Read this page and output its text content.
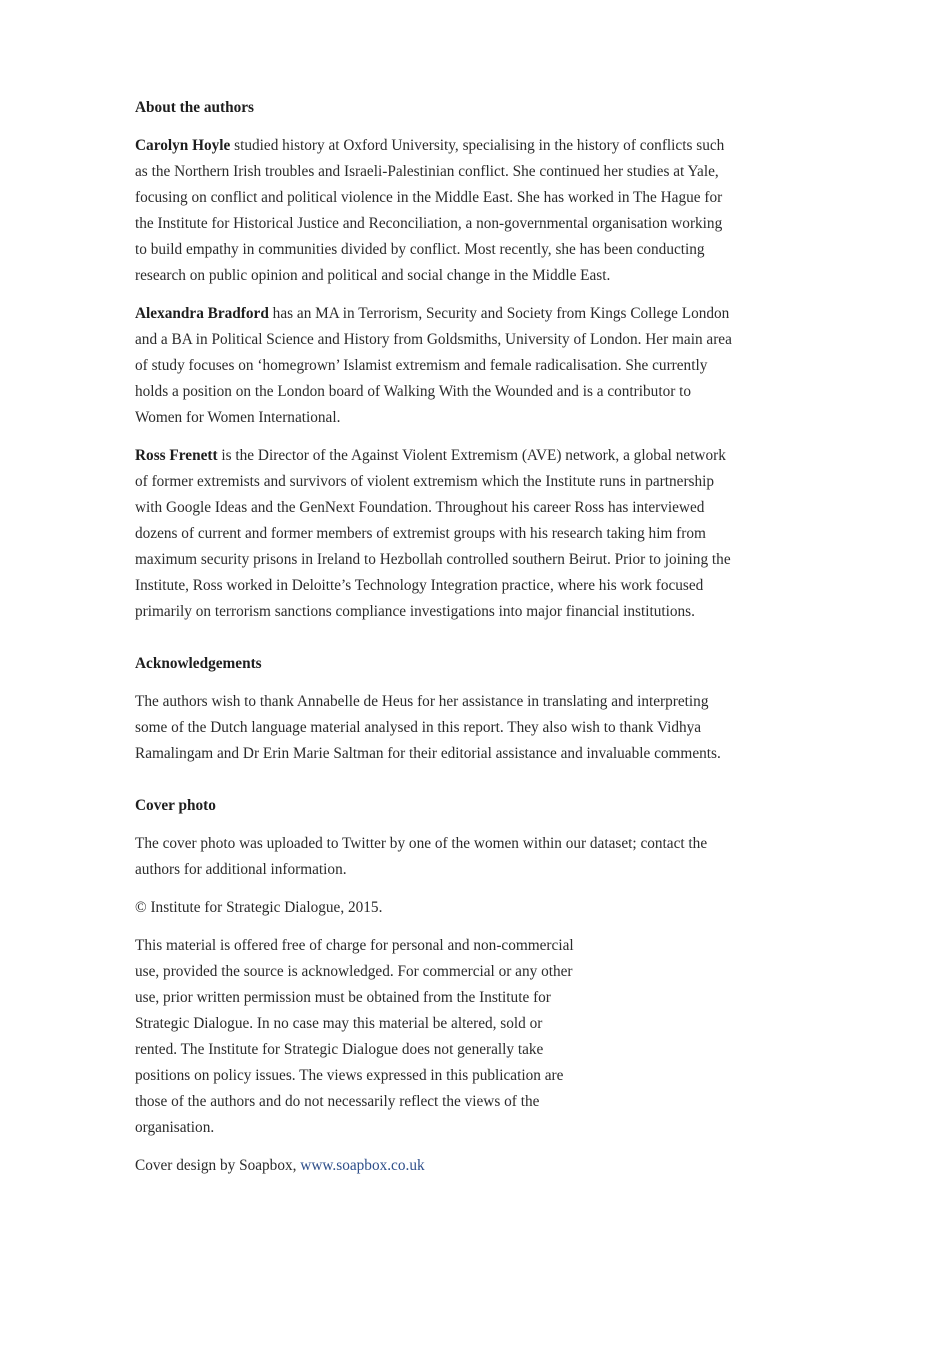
About the authors

Carolyn Hoyle studied history at Oxford University, specialising in the history of conflicts such as the Northern Irish troubles and Israeli-Palestinian conflict. She continued her studies at Yale, focusing on conflict and political violence in the Middle East. She has worked in The Hague for the Institute for Historical Justice and Reconciliation, a non-governmental organisation working to build empathy in communities divided by conflict. Most recently, she has been conducting research on public opinion and political and social change in the Middle East.

Alexandra Bradford has an MA in Terrorism, Security and Society from Kings College London and a BA in Political Science and History from Goldsmiths, University of London. Her main area of study focuses on ‘homegrown’ Islamist extremism and female radicalisation. She currently holds a position on the London board of Walking With the Wounded and is a contributor to Women for Women International.

Ross Frenett is the Director of the Against Violent Extremism (AVE) network, a global network of former extremists and survivors of violent extremism which the Institute runs in partnership with Google Ideas and the GenNext Foundation. Throughout his career Ross has interviewed dozens of current and former members of extremist groups with his research taking him from maximum security prisons in Ireland to Hezbollah controlled southern Beirut. Prior to joining the Institute, Ross worked in Deloitte’s Technology Integration practice, where his work focused primarily on terrorism sanctions compliance investigations into major financial institutions.

Acknowledgements

The authors wish to thank Annabelle de Heus for her assistance in translating and interpreting some of the Dutch language material analysed in this report. They also wish to thank Vidhya Ramalingam and Dr Erin Marie Saltman for their editorial assistance and invaluable comments.

Cover photo

The cover photo was uploaded to Twitter by one of the women within our dataset; contact the authors for additional information.

© Institute for Strategic Dialogue, 2015.

This material is offered free of charge for personal and non-commercial use, provided the source is acknowledged. For commercial or any other use, prior written permission must be obtained from the Institute for Strategic Dialogue. In no case may this material be altered, sold or rented. The Institute for Strategic Dialogue does not generally take positions on policy issues. The views expressed in this publication are those of the authors and do not necessarily reflect the views of the organisation.

Cover design by Soapbox, www.soapbox.co.uk
